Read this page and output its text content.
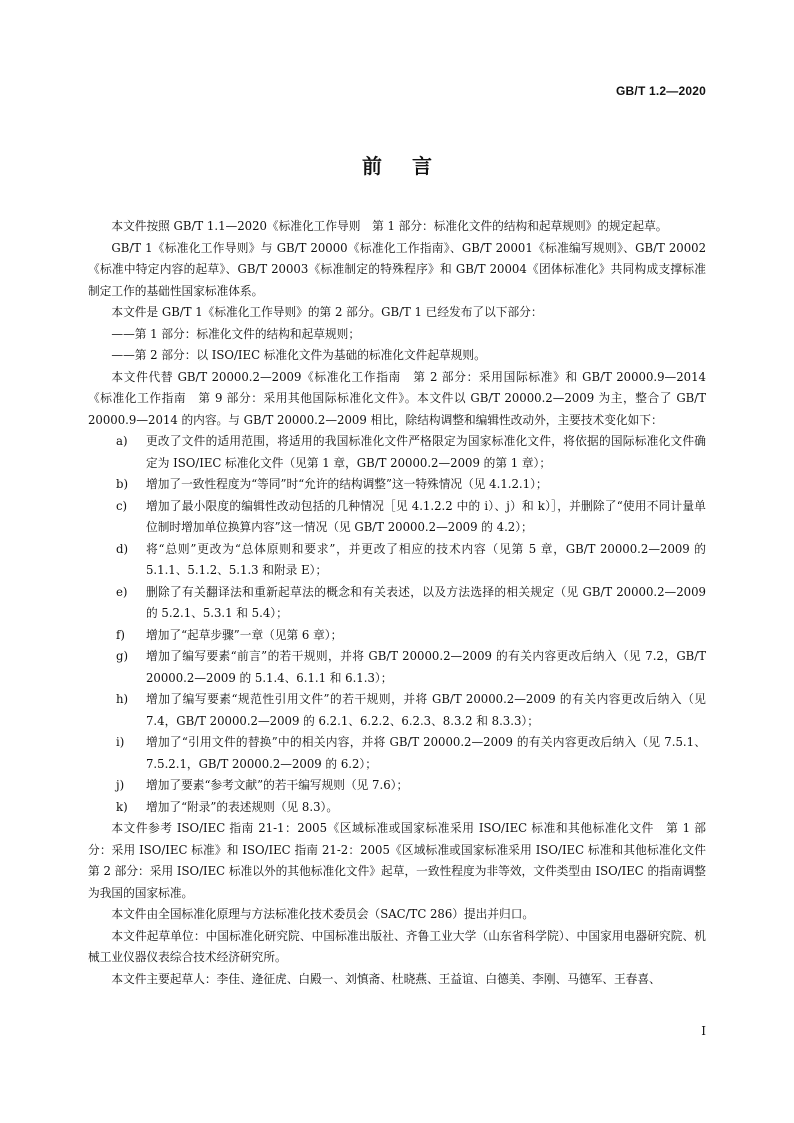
GB/T 1.2—2020
前言

本文件按照 GB/T 1.1—2020《标准化工作导则　第 1 部分：标准化文件的结构和起草规则》的规定起草。

GB/T 1《标准化工作导则》与 GB/T 20000《标准化工作指南》、GB/T 20001《标准编写规则》、GB/T 20002《标准中特定内容的起草》、GB/T 20003《标准制定的特殊程序》和 GB/T 20004《团体标准化》共同构成支撑标准制定工作的基础性国家标准体系。

本文件是 GB/T 1《标准化工作导则》的第 2 部分。GB/T 1 已经发布了以下部分：

——第 1 部分：标准化文件的结构和起草规则；

——第 2 部分：以 ISO/IEC 标准化文件为基础的标准化文件起草规则。

本文件代替 GB/T 20000.2—2009《标准化工作指南　第 2 部分：采用国际标准》和 GB/T 20000.9—2014《标准化工作指南　第 9 部分：采用其他国际标准化文件》。本文件以 GB/T 20000.2—2009 为主，整合了 GB/T 20000.9—2014 的内容。与 GB/T 20000.2—2009 相比，除结构调整和编辑性改动外，主要技术变化如下：

a) 更改了文件的适用范围，将适用的我国标准化文件严格限定为国家标准化文件，将依据的国际标准化文件确定为 ISO/IEC 标准化文件（见第 1 章，GB/T 20000.2—2009 的第 1 章）；

b) 增加了一致性程度为“等同”时“允许的结构调整”这一特殊情况（见 4.1.2.1）；

c) 增加了最小限度的编辑性改动包括的几种情况［见 4.1.2.2 中的 i）、j）和 k）］，并删除了“使用不同计量单位制时增加单位换算内容”这一情况（见 GB/T 20000.2—2009 的 4.2）；

d) 将“总则”更改为“总体原则和要求”，并更改了相应的技术内容（见第 5 章，GB/T 20000.2—2009 的 5.1.1、5.1.2、5.1.3 和附录 E）；

e) 删除了有关翻译法和重新起草法的概念和有关表述，以及方法选择的相关规定（见 GB/T 20000.2—2009 的 5.2.1、5.3.1 和 5.4）；

f) 增加了“起草步骤”一章（见第 6 章）；

g) 增加了编写要素“前言”的若干规则，并将 GB/T 20000.2—2009 的有关内容更改后纳入（见 7.2，GB/T 20000.2—2009 的 5.1.4、6.1.1 和 6.1.3）；

h) 增加了编写要素“规范性引用文件”的若干规则，并将 GB/T 20000.2—2009 的有关内容更改后纳入（见 7.4，GB/T 20000.2—2009 的 6.2.1、6.2.2、6.2.3、8.3.2 和 8.3.3）；

i) 增加了“引用文件的替换”中的相关内容，并将 GB/T 20000.2—2009 的有关内容更改后纳入（见 7.5.1、7.5.2.1，GB/T 20000.2—2009 的 6.2）；

j) 增加了要素“参考文献”的若干编写规则（见 7.6）；

k) 增加了“附录”的表述规则（见 8.3）。

本文件参考 ISO/IEC 指南 21-1：2005《区域标准或国家标准采用 ISO/IEC 标准和其他标准化文件　第 1 部分：采用 ISO/IEC 标准》和 ISO/IEC 指南 21-2：2005《区域标准或国家标准采用 ISO/IEC 标准和其他标准化文件　第 2 部分：采用 ISO/IEC 标准以外的其他标准化文件》起草，一致性程度为非等效，文件类型由 ISO/IEC 的指南调整为我国的国家标准。

本文件由全国标准化原理与方法标准化技术委员会（SAC/TC 286）提出并归口。

本文件起草单位：中国标准化研究院、中国标准出版社、齐鲁工业大学（山东省科学院）、中国家用电器研究院、机械工业仪器仪表综合技术经济研究所。

本文件主要起草人：李佳、逄征虎、白殿一、刘慎斋、杜晓燕、王益谊、白德美、李刚、马德军、王春喜、

I
